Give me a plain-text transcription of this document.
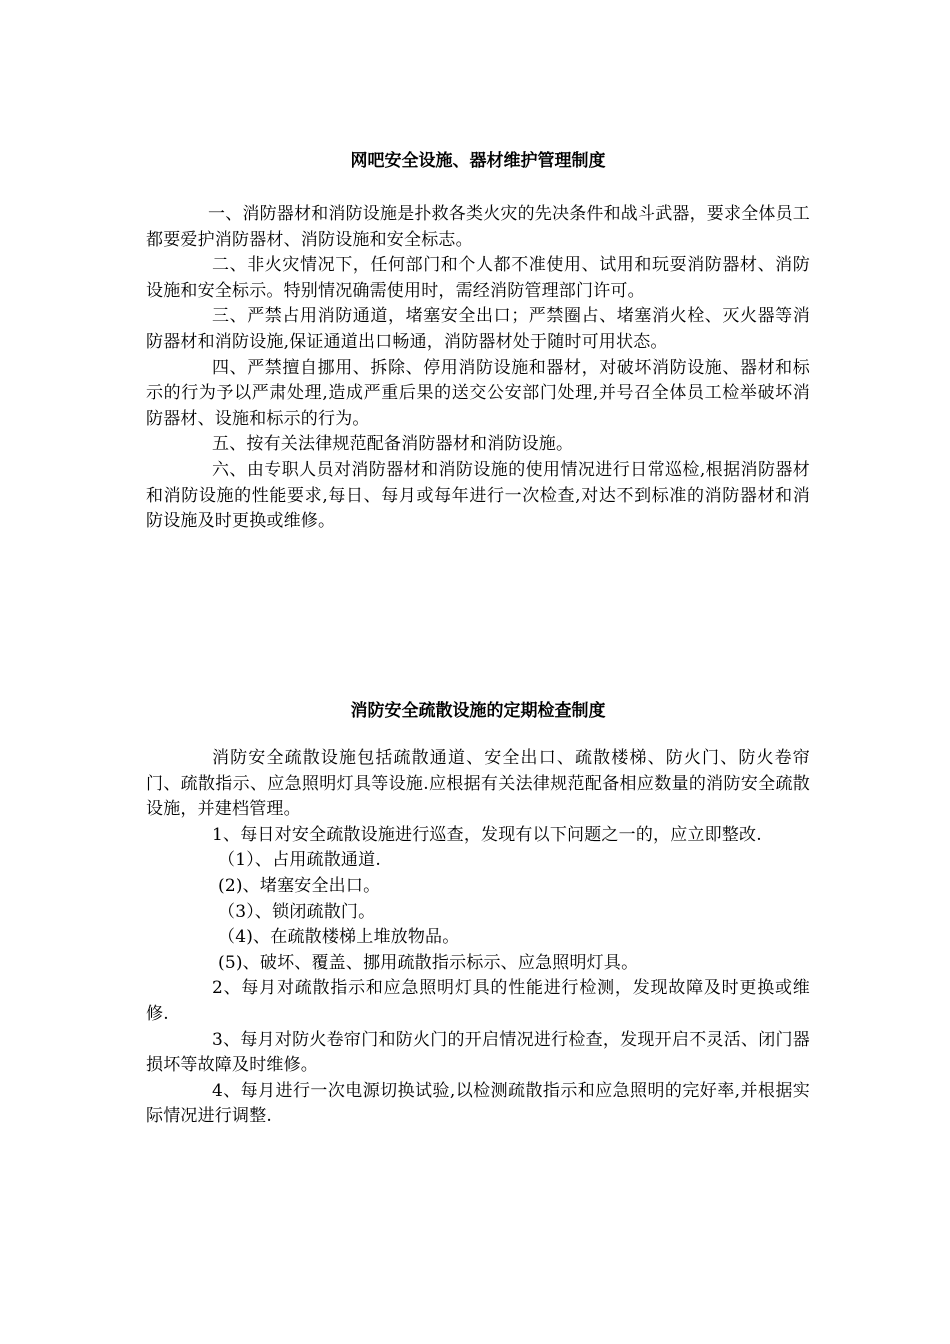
网吧安全设施、器材维护管理制度

一、消防器材和消防设施是扑救各类火灾的先决条件和战斗武器，要求全体员工都要爱护消防器材、消防设施和安全标志。

二、非火灾情况下，任何部门和个人都不准使用、试用和玩耍消防器材、消防设施和安全标示。特别情况确需使用时，需经消防管理部门许可。

三、严禁占用消防通道，堵塞安全出口；严禁圈占、堵塞消火栓、灭火器等消防器材和消防设施,保证通道出口畅通，消防器材处于随时可用状态。

四、严禁擅自挪用、拆除、停用消防设施和器材，对破坏消防设施、器材和标示的行为予以严肃处理,造成严重后果的送交公安部门处理,并号召全体员工检举破坏消防器材、设施和标示的行为。

五、按有关法律规范配备消防器材和消防设施。

六、由专职人员对消防器材和消防设施的使用情况进行日常巡检,根据消防器材和消防设施的性能要求,每日、每月或每年进行一次检查,对达不到标准的消防器材和消防设施及时更换或维修。

消防安全疏散设施的定期检查制度

消防安全疏散设施包括疏散通道、安全出口、疏散楼梯、防火门、防火卷帘门、疏散指示、应急照明灯具等设施.应根据有关法律规范配备相应数量的消防安全疏散设施，并建档管理。

1、每日对安全疏散设施进行巡查，发现有以下问题之一的，应立即整改.

（1）、占用疏散通道.

(2)、堵塞安全出口。

（3）、锁闭疏散门。

（4)、在疏散楼梯上堆放物品。

(5)、破坏、覆盖、挪用疏散指示标示、应急照明灯具。

2、每月对疏散指示和应急照明灯具的性能进行检测，发现故障及时更换或维修.

3、每月对防火卷帘门和防火门的开启情况进行检查，发现开启不灵活、闭门器损坏等故障及时维修。

4、每月进行一次电源切换试验,以检测疏散指示和应急照明的完好率,并根据实际情况进行调整.
